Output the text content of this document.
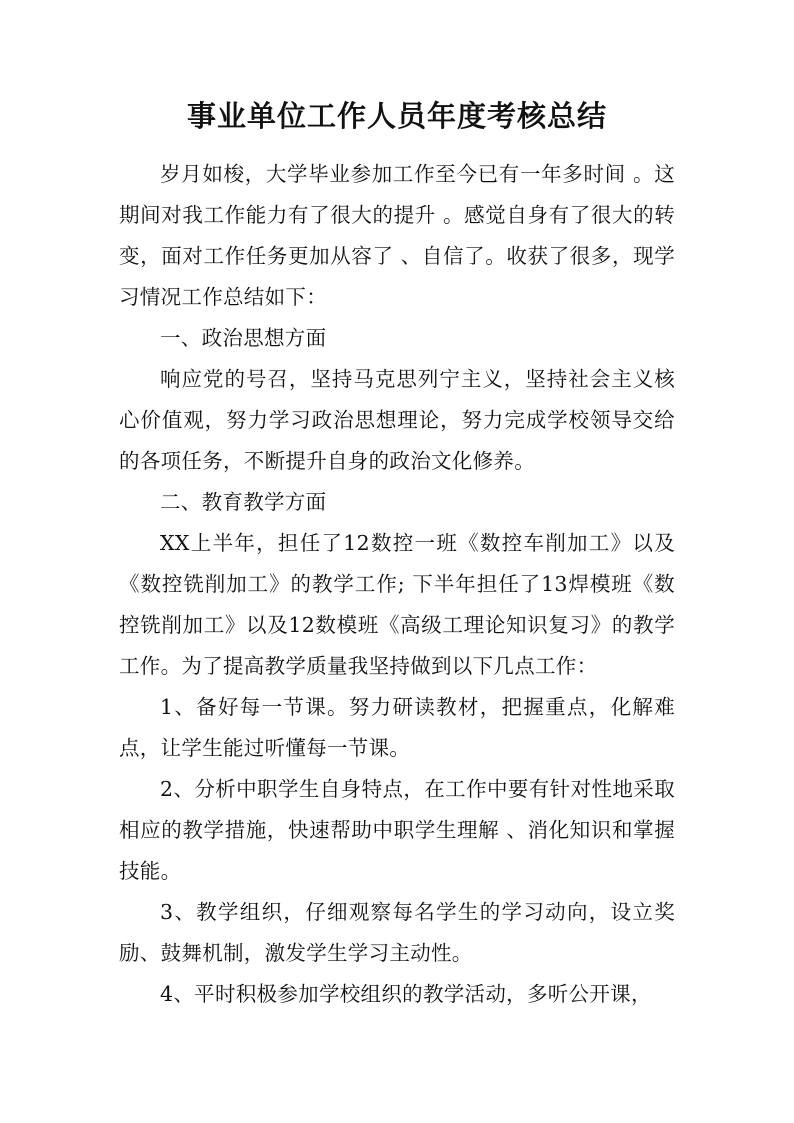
事业单位工作人员年度考核总结

岁月如梭，大学毕业参加工作至今已有一年多时间 。这期间对我工作能力有了很大的提升 。感觉自身有了很大的转变，面对工作任务更加从容了 、自信了。收获了很多，现学习情况工作总结如下：

一、政治思想方面

响应党的号召，坚持马克思列宁主义，坚持社会主义核心价值观，努力学习政治思想理论，努力完成学校领导交给的各项任务，不断提升自身的政治文化修养。

二、教育教学方面

XX上半年，担任了12数控一班《数控车削加工》以及《数控铣削加工》的教学工作; 下半年担任了13焊模班《数控铣削加工》以及12数模班《高级工理论知识复习》的教学工作。为了提高教学质量我坚持做到以下几点工作：

1、备好每一节课。努力研读教材，把握重点，化解难点，让学生能过听懂每一节课。

2、分析中职学生自身特点，在工作中要有针对性地采取相应的教学措施，快速帮助中职学生理解 、消化知识和掌握技能。

3、教学组织，仔细观察每名学生的学习动向，设立奖励、鼓舞机制，激发学生学习主动性。

4、平时积极参加学校组织的教学活动，多听公开课，
